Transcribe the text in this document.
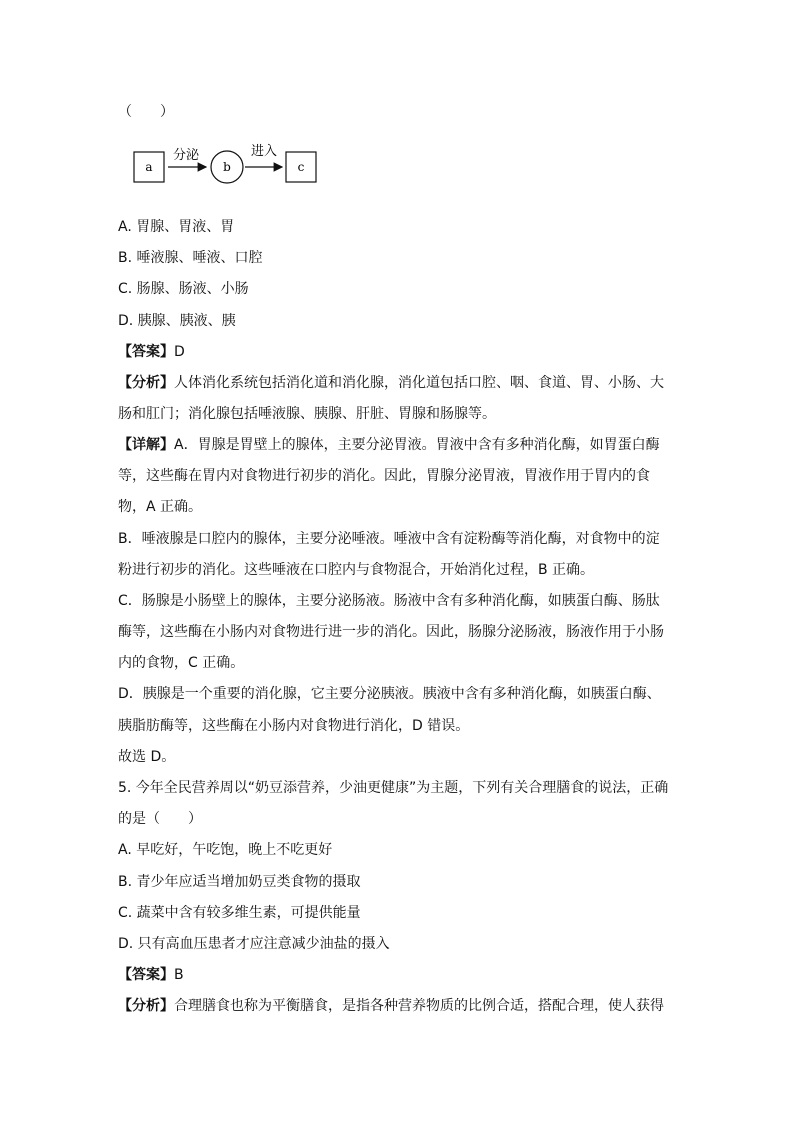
（　　）
a
分泌
b
进入
c
A. 胃腺、胃液、胃
B. 唾液腺、唾液、口腔
C. 肠腺、肠液、小肠
D. 胰腺、胰液、胰
【答案】D
【分析】人体消化系统包括消化道和消化腺，消化道包括口腔、咽、食道、胃、小肠、大
肠和肛门；消化腺包括唾液腺、胰腺、肝脏、胃腺和肠腺等。
【详解】A．胃腺是胃壁上的腺体，主要分泌胃液。胃液中含有多种消化酶，如胃蛋白酶
等，这些酶在胃内对食物进行初步的消化。因此，胃腺分泌胃液，胃液作用于胃内的食
物，A 正确。
B．唾液腺是口腔内的腺体，主要分泌唾液。唾液中含有淀粉酶等消化酶，对食物中的淀
粉进行初步的消化。这些唾液在口腔内与食物混合，开始消化过程，B 正确。
C．肠腺是小肠壁上的腺体，主要分泌肠液。肠液中含有多种消化酶，如胰蛋白酶、肠肽
酶等，这些酶在小肠内对食物进行进一步的消化。因此，肠腺分泌肠液，肠液作用于小肠
内的食物，C 正确。
D．胰腺是一个重要的消化腺，它主要分泌胰液。胰液中含有多种消化酶，如胰蛋白酶、
胰脂肪酶等，这些酶在小肠内对食物进行消化，D 错误。
故选 D。
5. 今年全民营养周以“奶豆添营养，少油更健康”为主题，下列有关合理膳食的说法，正确
的是（　　）
A. 早吃好，午吃饱，晚上不吃更好
B. 青少年应适当增加奶豆类食物的摄取
C. 蔬菜中含有较多维生素，可提供能量
D. 只有高血压患者才应注意减少油盐的摄入
【答案】B
【分析】合理膳食也称为平衡膳食，是指各种营养物质的比例合适，搭配合理，使人获得
